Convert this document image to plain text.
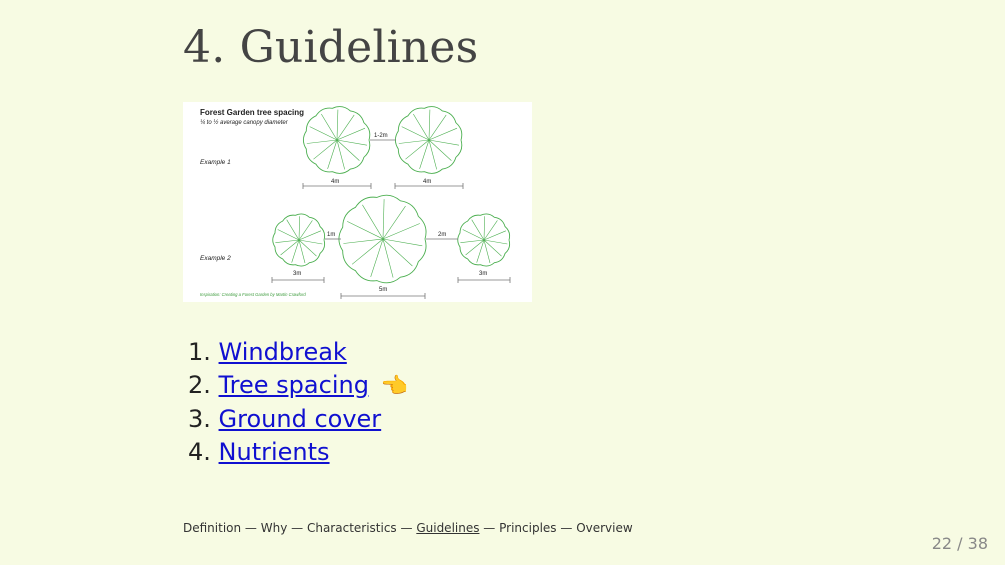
4. Guidelines
Forest Garden tree spacing
¼ to ½ average canopy diameter
Example 1
Example 2
1-2m
4m	4m
1m	2m
3m
5m
3m
Inspiration: Creating a Forest Garden by Martin Crawford
1. Windbreak
2. Tree spacing 👈
3. Ground cover
4. Nutrients
Definition — Why — Characteristics — Guidelines — Principles — Overview
22 / 38
